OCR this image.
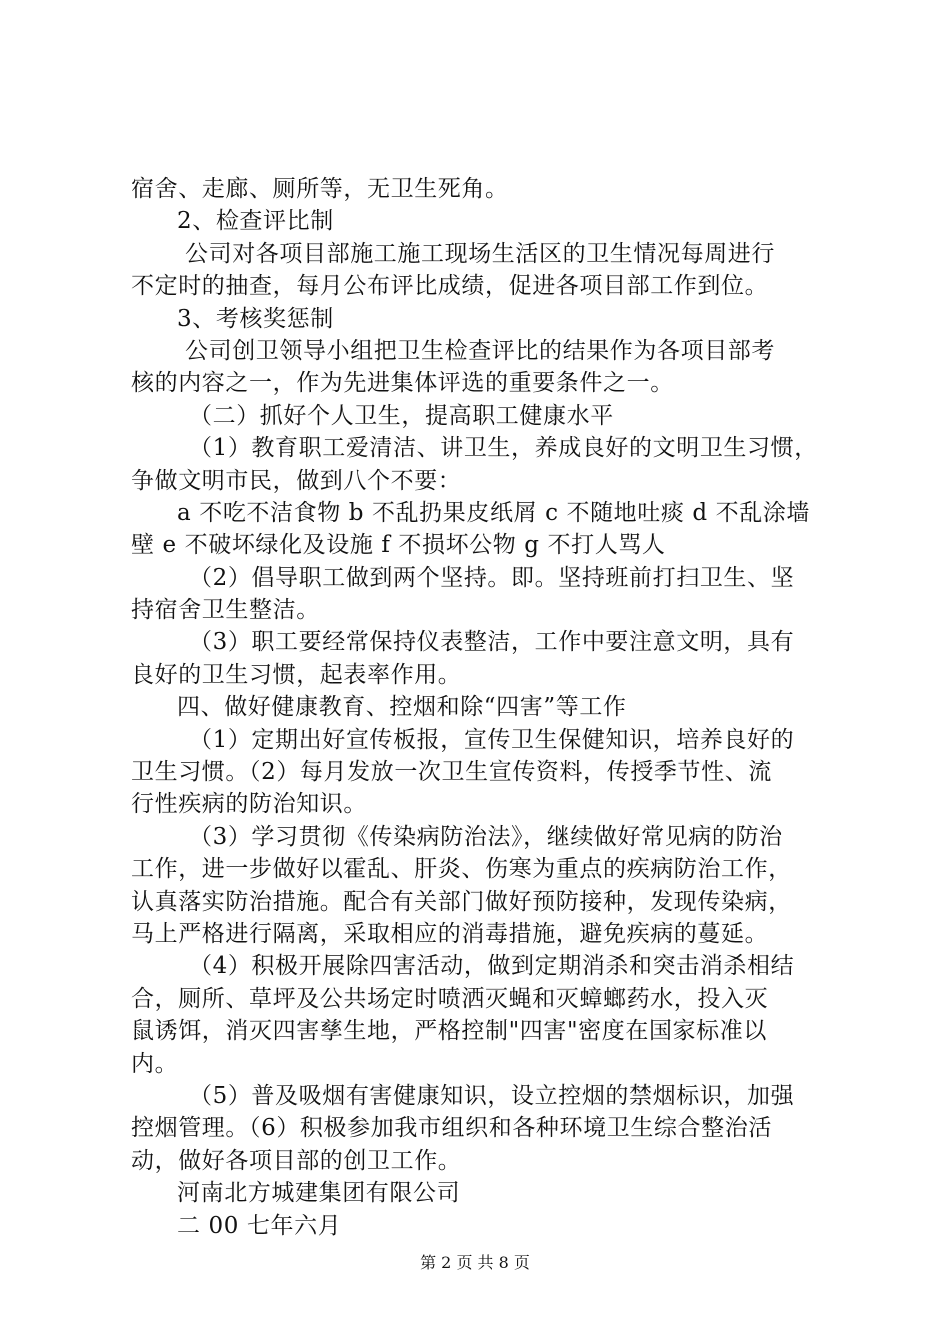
宿舍、走廊、厕所等，无卫生死角。
2、检查评比制
公司对各项目部施工施工现场生活区的卫生情况每周进行
不定时的抽查，每月公布评比成绩，促进各项目部工作到位。
3、考核奖惩制
公司创卫领导小组把卫生检查评比的结果作为各项目部考
核的内容之一，作为先进集体评选的重要条件之一。
（二）抓好个人卫生，提高职工健康水平
（1）教育职工爱清洁、讲卫生，养成良好的文明卫生习惯，
争做文明市民，做到八个不要：
a 不吃不洁食物 b 不乱扔果皮纸屑 c 不随地吐痰 d 不乱涂墙
壁 e 不破坏绿化及设施 f 不损坏公物 g 不打人骂人
（2）倡导职工做到两个坚持。即。坚持班前打扫卫生、坚
持宿舍卫生整洁。
（3）职工要经常保持仪表整洁，工作中要注意文明，具有
良好的卫生习惯，起表率作用。
四、做好健康教育、控烟和除“四害”等工作
（1）定期出好宣传板报，宣传卫生保健知识，培养良好的
卫生习惯。（2）每月发放一次卫生宣传资料，传授季节性、流
行性疾病的防治知识。
（3）学习贯彻《传染病防治法》，继续做好常见病的防治
工作，进一步做好以霍乱、肝炎、伤寒为重点的疾病防治工作，
认真落实防治措施。配合有关部门做好预防接种，发现传染病，
马上严格进行隔离，采取相应的消毒措施，避免疾病的蔓延。
（4）积极开展除四害活动，做到定期消杀和突击消杀相结
合，厕所、草坪及公共场定时喷洒灭蝇和灭蟑螂药水，投入灭
鼠诱饵，消灭四害孳生地，严格控制"四害"密度在国家标准以
内。
（5）普及吸烟有害健康知识，设立控烟的禁烟标识，加强
控烟管理。（6）积极参加我市组织和各种环境卫生综合整治活
动，做好各项目部的创卫工作。
河南北方城建集团有限公司
二 00 七年六月
第 2 页 共 8 页
